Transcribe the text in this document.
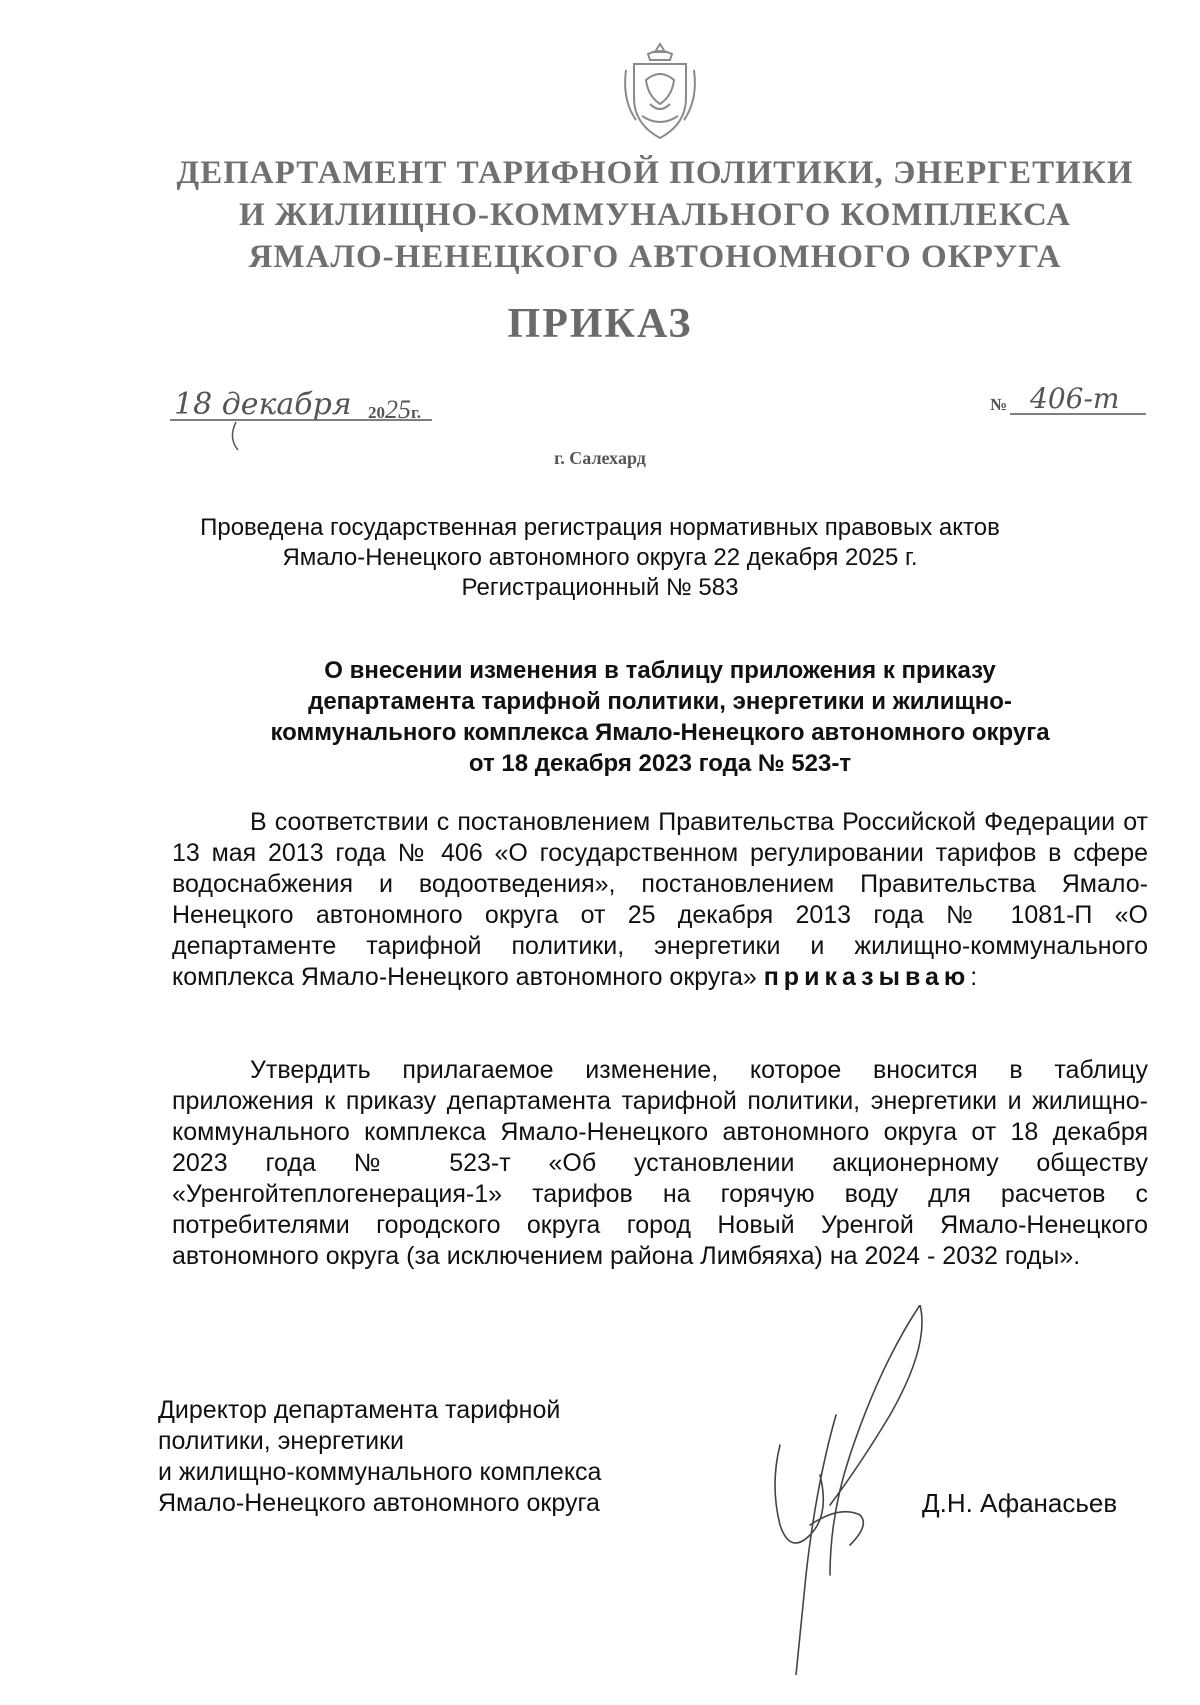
ДЕПАРТАМЕНТ ТАРИФНОЙ ПОЛИТИКИ, ЭНЕРГЕТИКИ
И ЖИЛИЩНО-КОММУНАЛЬНОГО КОМПЛЕКСА
ЯМАЛО-НЕНЕЦКОГО АВТОНОМНОГО ОКРУГА
ПРИКАЗ
18 декабря 2025г.	№ 406-т
г. Салехард
Проведена государственная регистрация нормативных правовых актов
Ямало-Ненецкого автономного округа 22 декабря 2025 г.
Регистрационный № 583
О внесении изменения в таблицу приложения к приказу
департамента тарифной политики, энергетики и жилищно-
коммунального комплекса Ямало-Ненецкого автономного округа
от 18 декабря 2023 года № 523-т
В соответствии с постановлением Правительства Российской Федерации от 13 мая 2013 года № 406 «О государственном регулировании тарифов в сфере водоснабжения и водоотведения», постановлением Правительства Ямало-Ненецкого автономного округа от 25 декабря 2013 года № 1081-П «О департаменте тарифной политики, энергетики и жилищно-коммунального комплекса Ямало-Ненецкого автономного округа» приказываю:
Утвердить прилагаемое изменение, которое вносится в таблицу приложения к приказу департамента тарифной политики, энергетики и жилищно-коммунального комплекса Ямало-Ненецкого автономного округа от 18 декабря 2023 года № 523-т «Об установлении акционерному обществу «Уренгойтеплогенерация-1» тарифов на горячую воду для расчетов с потребителями городского округа город Новый Уренгой Ямало-Ненецкого автономного округа (за исключением района Лимбяяха) на 2024 - 2032 годы».
Директор департамента тарифной
политики, энергетики
и жилищно-коммунального комплекса
Ямало-Ненецкого автономного округа	Д.Н. Афанасьев
